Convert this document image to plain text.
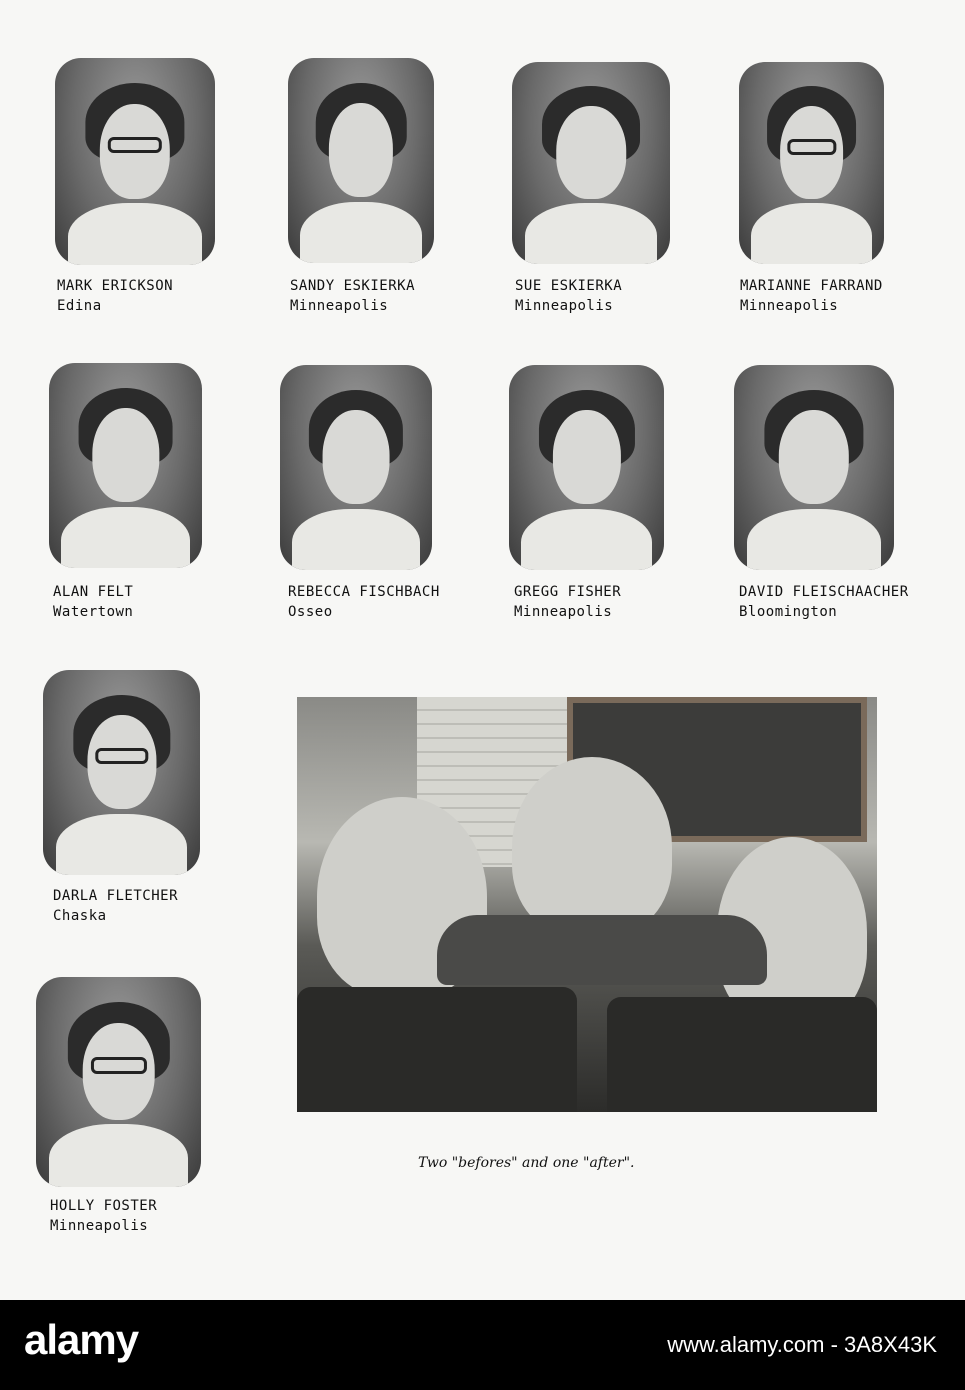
MARK ERICKSON
Edina
SANDY ESKIERKA
Minneapolis
SUE ESKIERKA
Minneapolis
MARIANNE FARRAND
Minneapolis
ALAN FELT
Watertown
REBECCA FISCHBACH
Osseo
GREGG FISHER
Minneapolis
DAVID FLEISCHAACHER
Bloomington
DARLA FLETCHER
Chaska
HOLLY FOSTER
Minneapolis
Two "befores" and one "after".
alamy	www.alamy.com - 3A8X43K
